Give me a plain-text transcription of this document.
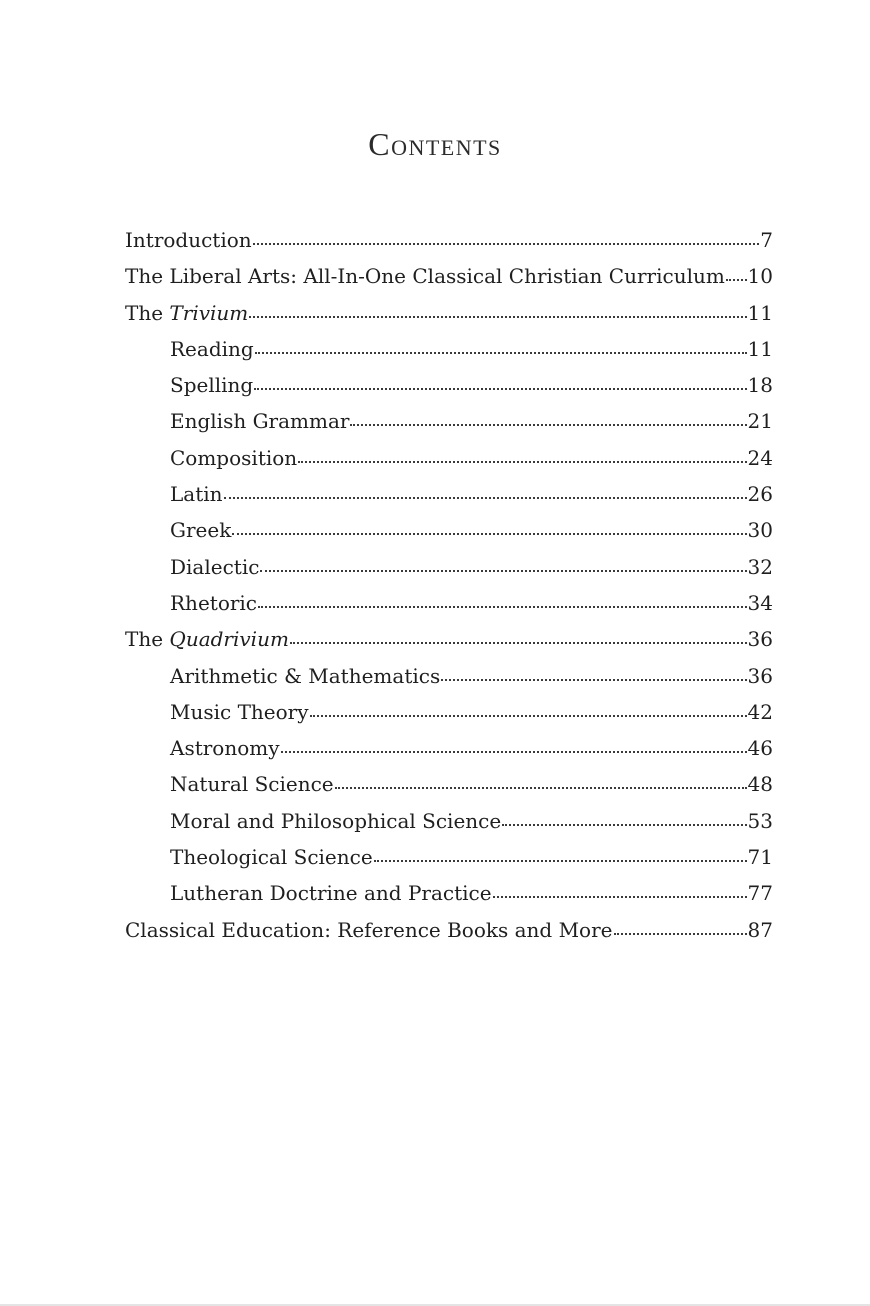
Contents
Introduction	7
The Liberal Arts: All-In-One Classical Christian Curriculum 10
The Trivium	11
Reading	11
Spelling	18
English Grammar	21
Composition	24
Latin	26
Greek	30
Dialectic	32
Rhetoric	34
The Quadrivium	36
Arithmetic & Mathematics	36
Music Theory	42
Astronomy	46
Natural Science	48
Moral and Philosophical Science	53
Theological Science	71
Lutheran Doctrine and Practice	77
Classical Education: Reference Books and More	87
